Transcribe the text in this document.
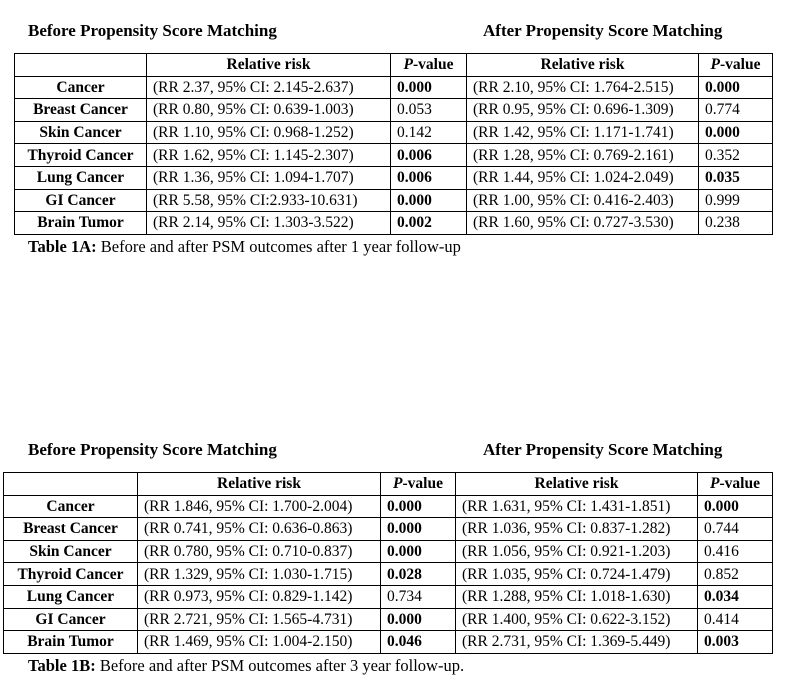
Before Propensity Score Matching	After Propensity Score Matching
	Relative risk	P-value	Relative risk	P-value
Cancer	(RR 2.37, 95% CI: 2.145-2.637)	0.000	(RR 2.10, 95% CI: 1.764-2.515)	0.000
Breast Cancer	(RR 0.80, 95% CI: 0.639-1.003)	0.053	(RR 0.95, 95% CI: 0.696-1.309)	0.774
Skin Cancer	(RR 1.10, 95% CI: 0.968-1.252)	0.142	(RR 1.42, 95% CI: 1.171-1.741)	0.000
Thyroid Cancer	(RR 1.62, 95% CI: 1.145-2.307)	0.006	(RR 1.28, 95% CI: 0.769-2.161)	0.352
Lung Cancer	(RR 1.36, 95% CI: 1.094-1.707)	0.006	(RR 1.44, 95% CI: 1.024-2.049)	0.035
GI Cancer	(RR 5.58, 95% CI:2.933-10.631)	0.000	(RR 1.00, 95% CI: 0.416-2.403)	0.999
Brain Tumor	(RR 2.14, 95% CI: 1.303-3.522)	0.002	(RR 1.60, 95% CI: 0.727-3.530)	0.238
Table 1A: Before and after PSM outcomes after 1 year follow-up
Before Propensity Score Matching	After Propensity Score Matching
	Relative risk	P-value	Relative risk	P-value
Cancer	(RR 1.846, 95% CI: 1.700-2.004)	0.000	(RR 1.631, 95% CI: 1.431-1.851)	0.000
Breast Cancer	(RR 0.741, 95% CI: 0.636-0.863)	0.000	(RR 1.036, 95% CI: 0.837-1.282)	0.744
Skin Cancer	(RR 0.780, 95% CI: 0.710-0.837)	0.000	(RR 1.056, 95% CI: 0.921-1.203)	0.416
Thyroid Cancer	(RR 1.329, 95% CI: 1.030-1.715)	0.028	(RR 1.035, 95% CI: 0.724-1.479)	0.852
Lung Cancer	(RR 0.973, 95% CI: 0.829-1.142)	0.734	(RR 1.288, 95% CI: 1.018-1.630)	0.034
GI Cancer	(RR 2.721, 95% CI: 1.565-4.731)	0.000	(RR 1.400, 95% CI: 0.622-3.152)	0.414
Brain Tumor	(RR 1.469, 95% CI: 1.004-2.150)	0.046	(RR 2.731, 95% CI: 1.369-5.449)	0.003
Table 1B: Before and after PSM outcomes after 3 year follow-up.
